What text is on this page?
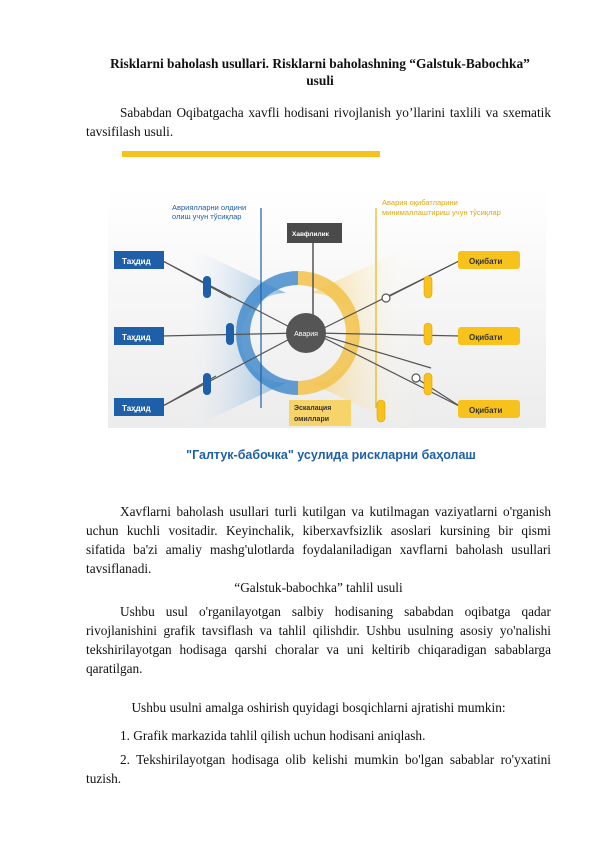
Risklarni baholash usullari. Risklarni baholashning “Galstuk-Babochka”
usuli
Sababdan Oqibatgacha xavfli hodisani rivojlanish yo’llarini taxlili va sxematik tavsifilash usuli.
Таҳдид
Таҳдид
Таҳдид
Оқибати
Оқибати
Оқибати
Хавфлилик
Авария
Эскалация
омиллари
Авриялларни олдини
олиш учун тўсиқлар
Авария оқибатларини
минималлаштириш учун тўсиқлар
"Галтук-бабочка" усулида рискларни баҳолаш
Xavflarni baholash usullari turli kutilgan va kutilmagan vaziyatlarni o'rganish uchun kuchli vositadir. Keyinchalik, kiberxavfsizlik asoslari kursining bir qismi sifatida ba'zi amaliy mashg'ulotlarda foydalaniladigan xavflarni baholash usullari tavsiflanadi.
“Galstuk-babochka” tahlil usuli
Ushbu usul o'rganilayotgan salbiy hodisaning sababdan oqibatga qadar rivojlanishini grafik tavsiflash va tahlil qilishdir. Ushbu usulning asosiy yo'nalishi tekshirilayotgan hodisaga qarshi choralar va uni keltirib chiqaradigan sabablarga qaratilgan.
Ushbu usulni amalga oshirish quyidagi bosqichlarni ajratishi mumkin:
1. Grafik markazida tahlil qilish uchun hodisani aniqlash.
2. Tekshirilayotgan hodisaga olib kelishi mumkin bo'lgan sabablar ro'yxatini tuzish.
